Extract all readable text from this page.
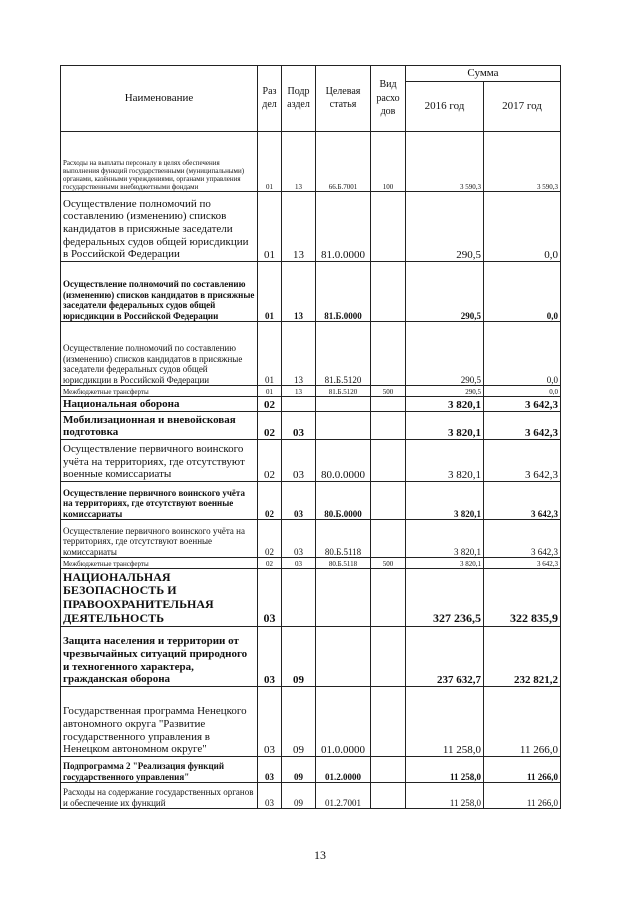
Наименование	Раз дел	Подр аздел	Целевая статья	Вид расхо дов	Сумма	
					2016 год	2017 год
Расходы на выплаты персоналу в целях обеспечения выполнения функций государственными (муниципальными) органами, казёнными учреждениями, органами управления государственными внебюджетными фондами	01	13	66.Б.7001	100	3 590,3	3 590,3
Осуществление полномочий по составлению (изменению) списков кандидатов в присяжные заседатели федеральных судов общей юрисдикции в Российской Федерации	01	13	81.0.0000		290,5	0,0
Осуществление полномочий по составлению (изменению) списков кандидатов в присяжные заседатели федеральных судов общей юрисдикции в Российской Федерации	01	13	81.Б.0000		290,5	0,0
Осуществление полномочий по составлению (изменению) списков кандидатов в присяжные заседатели федеральных судов общей юрисдикции в Российской Федерации	01	13	81.Б.5120		290,5	0,0
Межбюджетные трансферты	01	13	81.Б.5120	500	290,5	0,0
Национальная оборона	02				3 820,1	3 642,3
Мобилизационная и вневойсковая подготовка	02	03			3 820,1	3 642,3
Осуществление первичного воинского учёта на территориях, где отсутствуют военные комиссариаты	02	03	80.0.0000		3 820,1	3 642,3
Осуществление первичного воинского учёта на территориях, где отсутствуют военные комиссариаты	02	03	80.Б.0000		3 820,1	3 642,3
Осуществление первичного воинского учёта на территориях, где отсутствуют военные комиссариаты	02	03	80.Б.5118		3 820,1	3 642,3
Межбюджетные трансферты	02	03	80.Б.5118	500	3 820,1	3 642,3
НАЦИОНАЛЬНАЯ БЕЗОПАСНОСТЬ И ПРАВООХРАНИТЕЛЬНАЯ ДЕЯТЕЛЬНОСТЬ	03				327 236,5	322 835,9
Защита населения и территории от чрезвычайных ситуаций природного и техногенного характера, гражданская оборона	03	09			237 632,7	232 821,2
Государственная программа Ненецкого автономного округа "Развитие государственного управления в Ненецком автономном округе"	03	09	01.0.0000		11 258,0	11 266,0
Подпрограмма 2 "Реализация функций государственного управления"	03	09	01.2.0000		11 258,0	11 266,0
Расходы на содержание государственных органов и обеспечение их функций	03	09	01.2.7001		11 258,0	11 266,0
13
